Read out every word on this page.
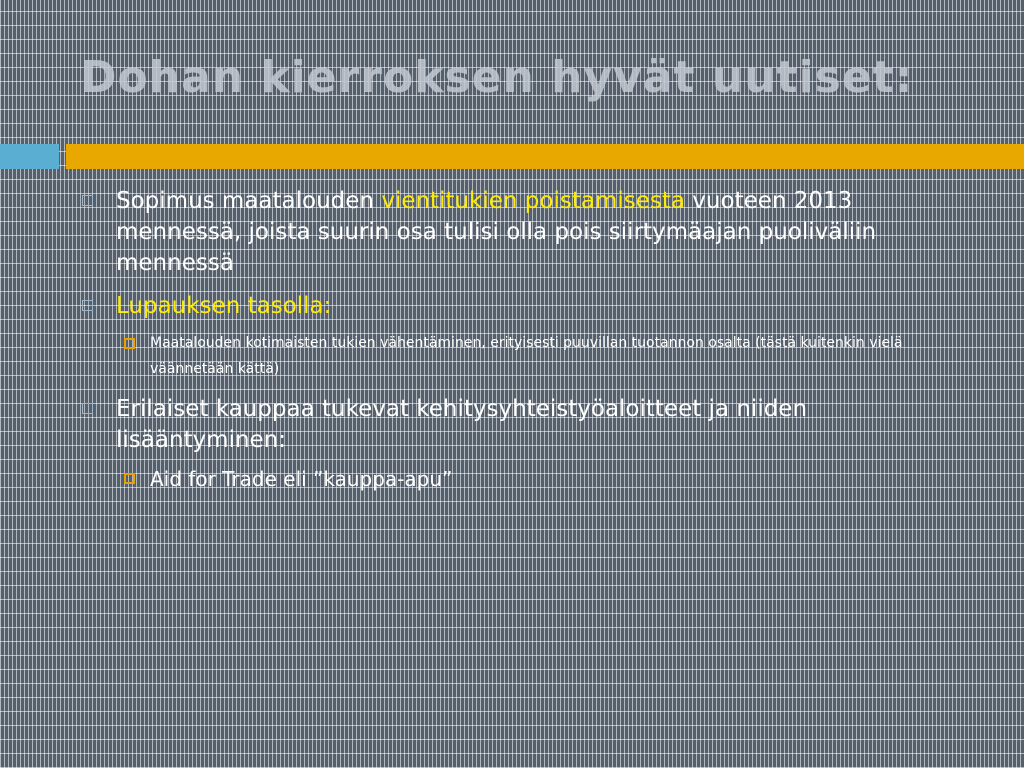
Dohan kierroksen hyvät uutiset:
Sopimus maatalouden vientitukien poistamisesta vuoteen 2013 mennessä, joista suurin osa tulisi olla pois siirtymäajan puoliväliin mennessä
Lupauksen tasolla:
Maatalouden kotimaisten tukien vähentäminen, erityisesti puuvillan tuotannon osalta (tästä kuitenkin vielä väännetään kättä)
Erilaiset kauppaa tukevat kehitysyhteistyöaloitteet ja niiden lisääntyminen:
Aid for Trade eli ”kauppa-apu”
